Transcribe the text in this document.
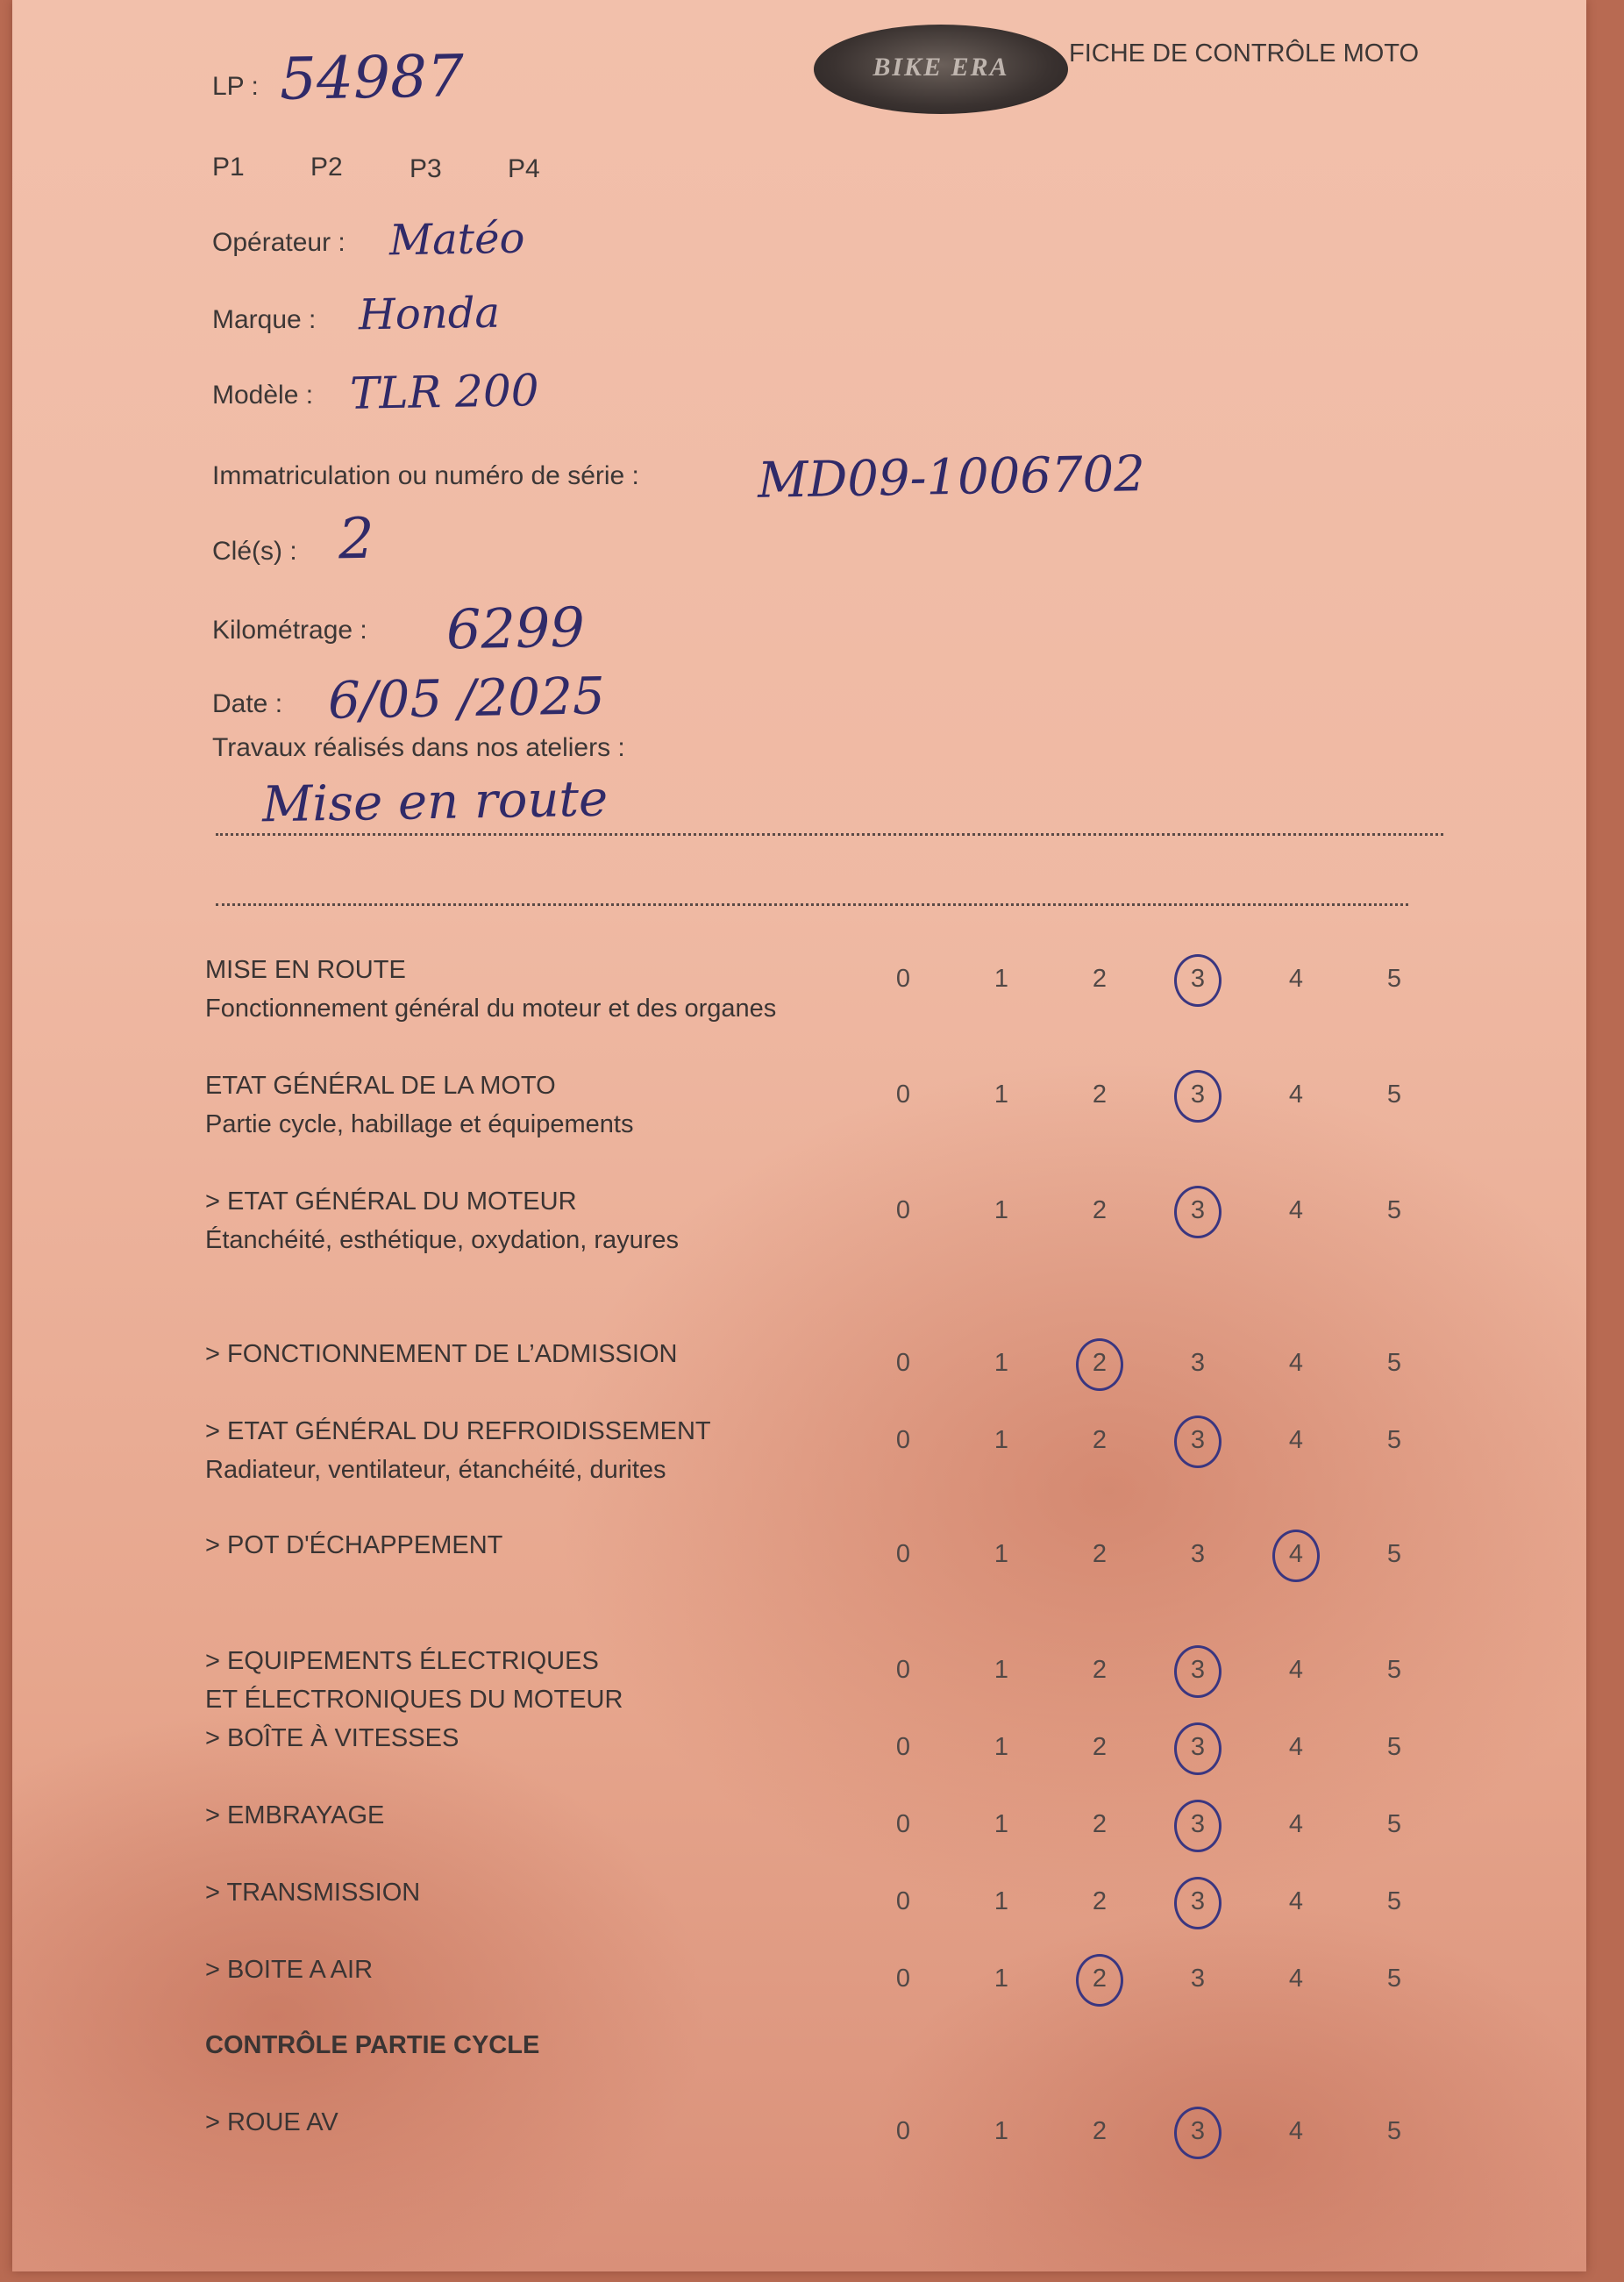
BIKE ERA	FICHE DE CONTRÔLE MOTO
LP : 54987
P1	P2	P3	P4
Opérateur : Matéo
Marque : Honda
Modèle : TLR 200
Immatriculation ou numéro de série : MD09-1006702
Clé(s) : 2
Kilométrage : 6299
Date : 6/05 /2025
Travaux réalisés dans nos ateliers :
Mise en route
MISE EN ROUTE
Fonctionnement général du moteur et des organes
0	1	2	3	4	5
ETAT GÉNÉRAL DE LA MOTO
Partie cycle, habillage et équipements
0	1	2	3	4	5
> ETAT GÉNÉRAL DU MOTEUR
Étanchéité, esthétique, oxydation, rayures
0	1	2	3	4	5
> FONCTIONNEMENT DE L’ADMISSION	0	1	2	3	4	5
> ETAT GÉNÉRAL DU REFROIDISSEMENT
Radiateur, ventilateur, étanchéité, durites
0	1	2	3	4	5
> POT D'ÉCHAPPEMENT	0	1	2	3	4	5
> EQUIPEMENTS ÉLECTRIQUES
ET ÉLECTRONIQUES DU MOTEUR
0	1	2	3	4	5
> BOÎTE À VITESSES	0	1	2	3	4	5
> EMBRAYAGE	0	1	2	3	4	5
> TRANSMISSION	0	1	2	3	4	5
> BOITE A AIR	0	1	2	3	4	5
CONTRÔLE PARTIE CYCLE
> ROUE AV	0	1	2	3	4	5
